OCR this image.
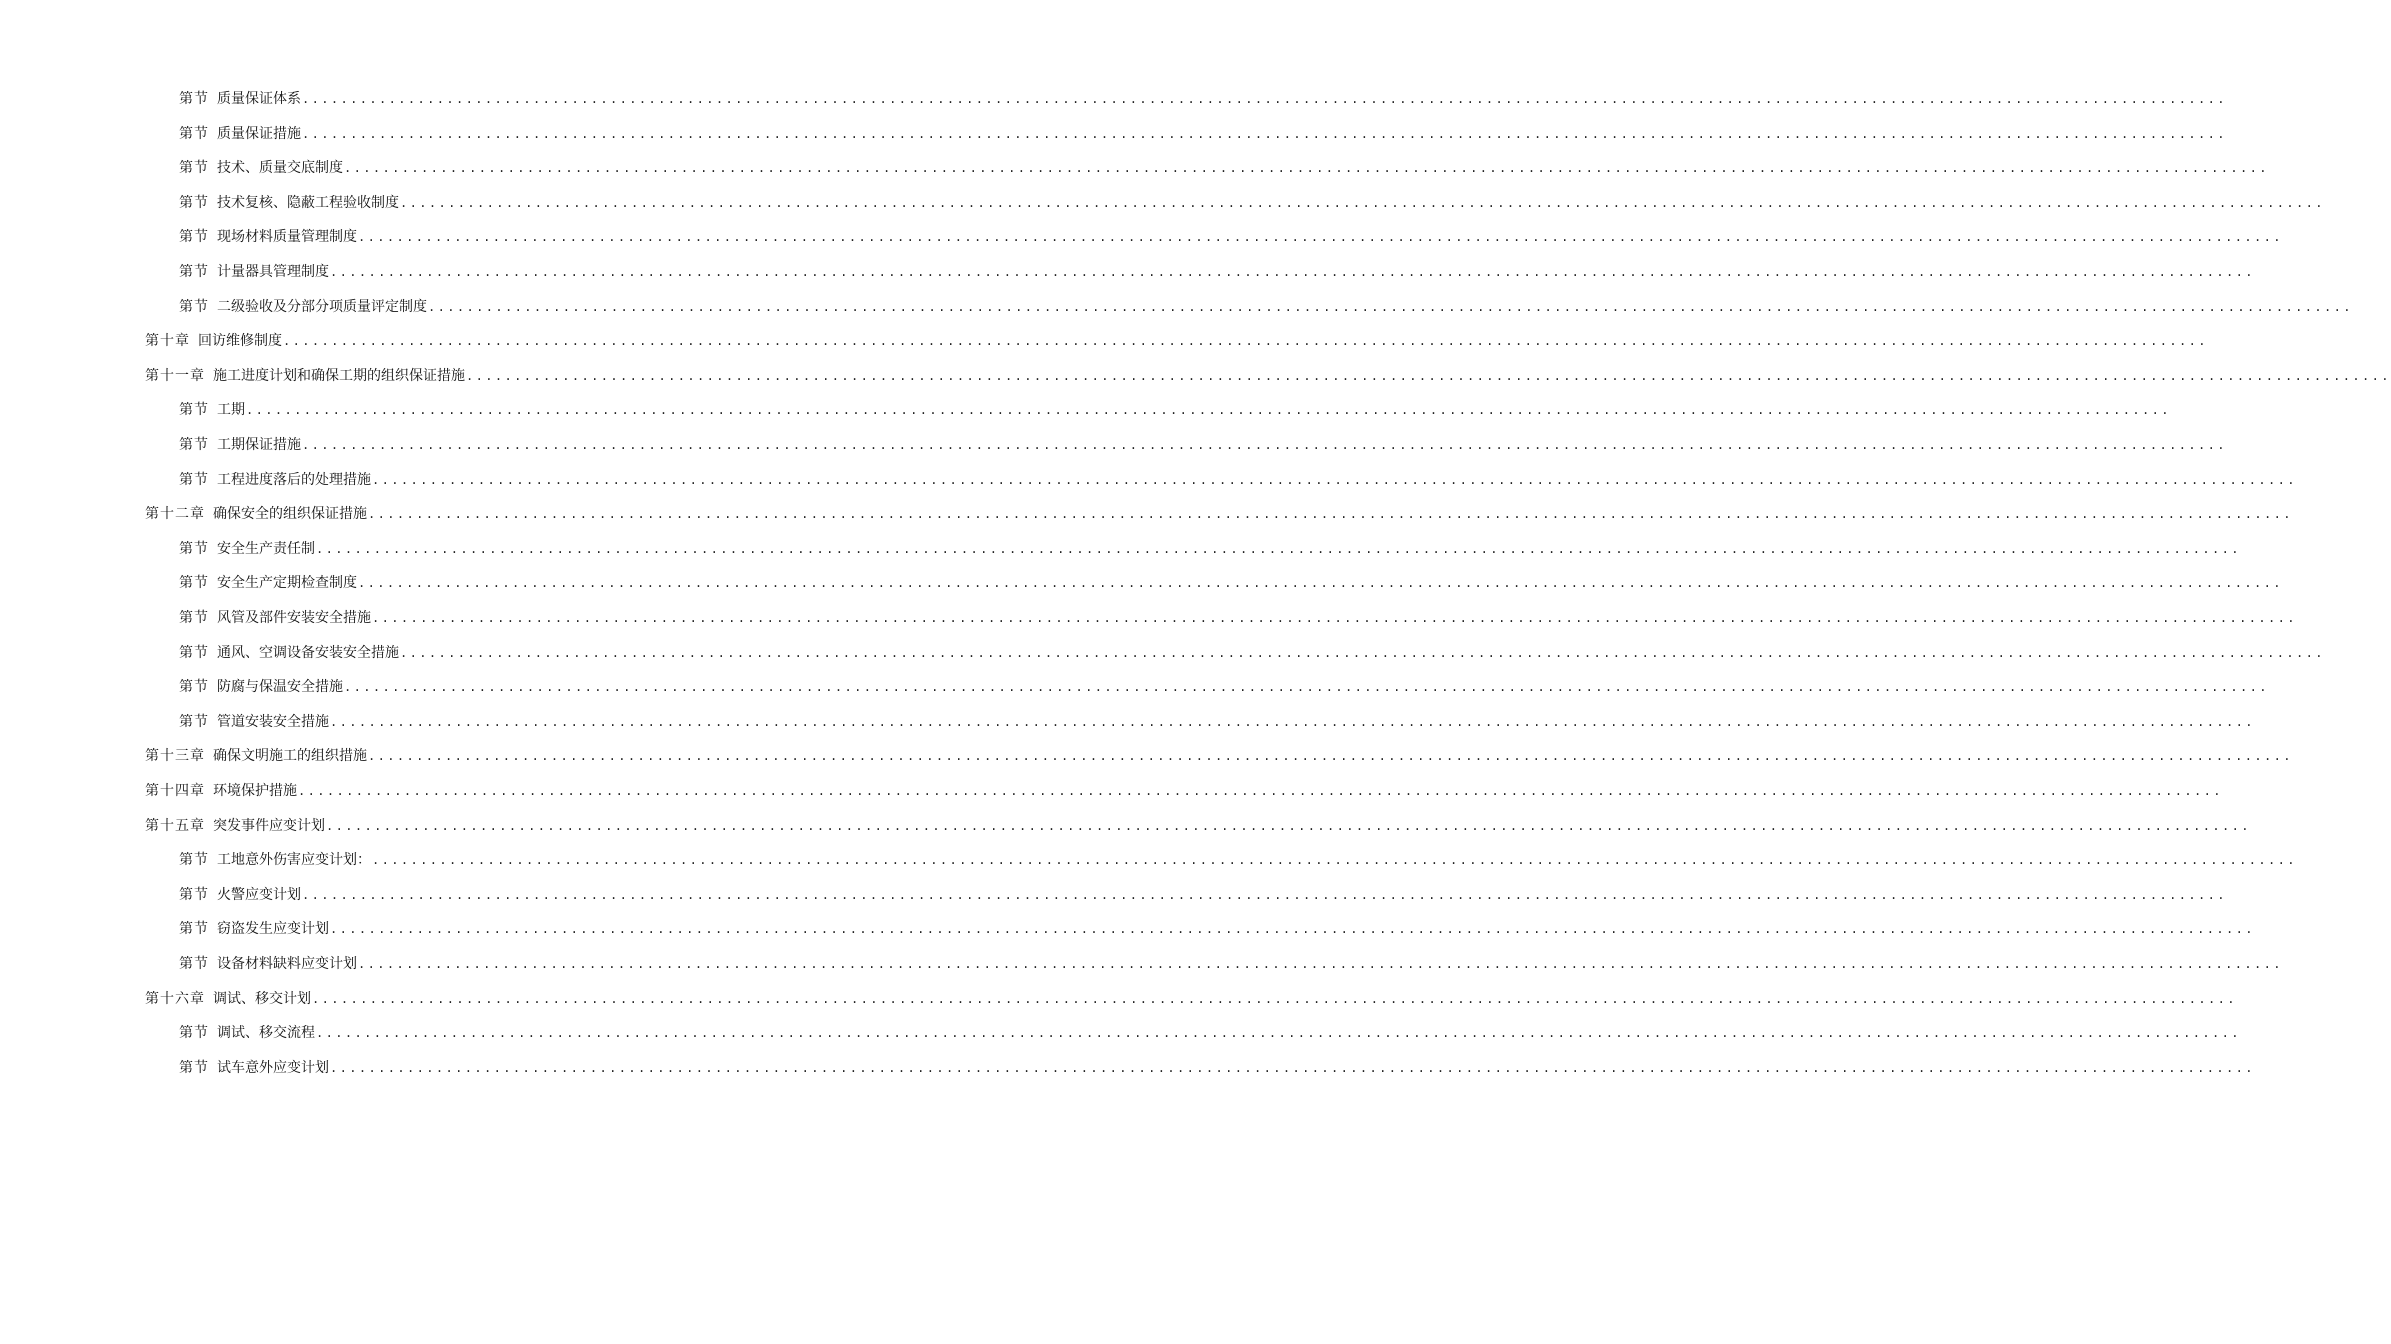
第节 质量保证体系 ........................................................................................................................................................................................................
第节 质量保证措施 ........................................................................................................................................................................................................
第节 技术、质量交底制度 ........................................................................................................................................................................................................
第节 技术复核、隐蔽工程验收制度 ........................................................................................................................................................................................................
第节 现场材料质量管理制度 ........................................................................................................................................................................................................
第节 计量器具管理制度 ........................................................................................................................................................................................................
第节 二级验收及分部分项质量评定制度 ........................................................................................................................................................................................................
第十章 回访维修制度 ........................................................................................................................................................................................................
第十一章 施工进度计划和确保工期的组织保证措施 ........................................................................................................................................................................................................
第节 工期 ........................................................................................................................................................................................................
第节 工期保证措施 ........................................................................................................................................................................................................
第节 工程进度落后的处理措施 ........................................................................................................................................................................................................
第十二章 确保安全的组织保证措施 ........................................................................................................................................................................................................
第节 安全生产责任制 ........................................................................................................................................................................................................
第节 安全生产定期检查制度 ........................................................................................................................................................................................................
第节 风管及部件安装安全措施 ........................................................................................................................................................................................................
第节 通风、空调设备安装安全措施 ........................................................................................................................................................................................................
第节 防腐与保温安全措施 ........................................................................................................................................................................................................
第节 管道安装安全措施 ........................................................................................................................................................................................................
第十三章 确保文明施工的组织措施 ........................................................................................................................................................................................................
第十四章 环境保护措施 ........................................................................................................................................................................................................
第十五章 突发事件应变计划 ........................................................................................................................................................................................................
第节 工地意外伤害应变计划： ........................................................................................................................................................................................................
第节 火警应变计划 ........................................................................................................................................................................................................
第节 窃盗发生应变计划 ........................................................................................................................................................................................................
第节 设备材料缺料应变计划 ........................................................................................................................................................................................................
第十六章 调试、移交计划 ........................................................................................................................................................................................................
第节 调试、移交流程 ........................................................................................................................................................................................................
第节 试车意外应变计划 ........................................................................................................................................................................................................
